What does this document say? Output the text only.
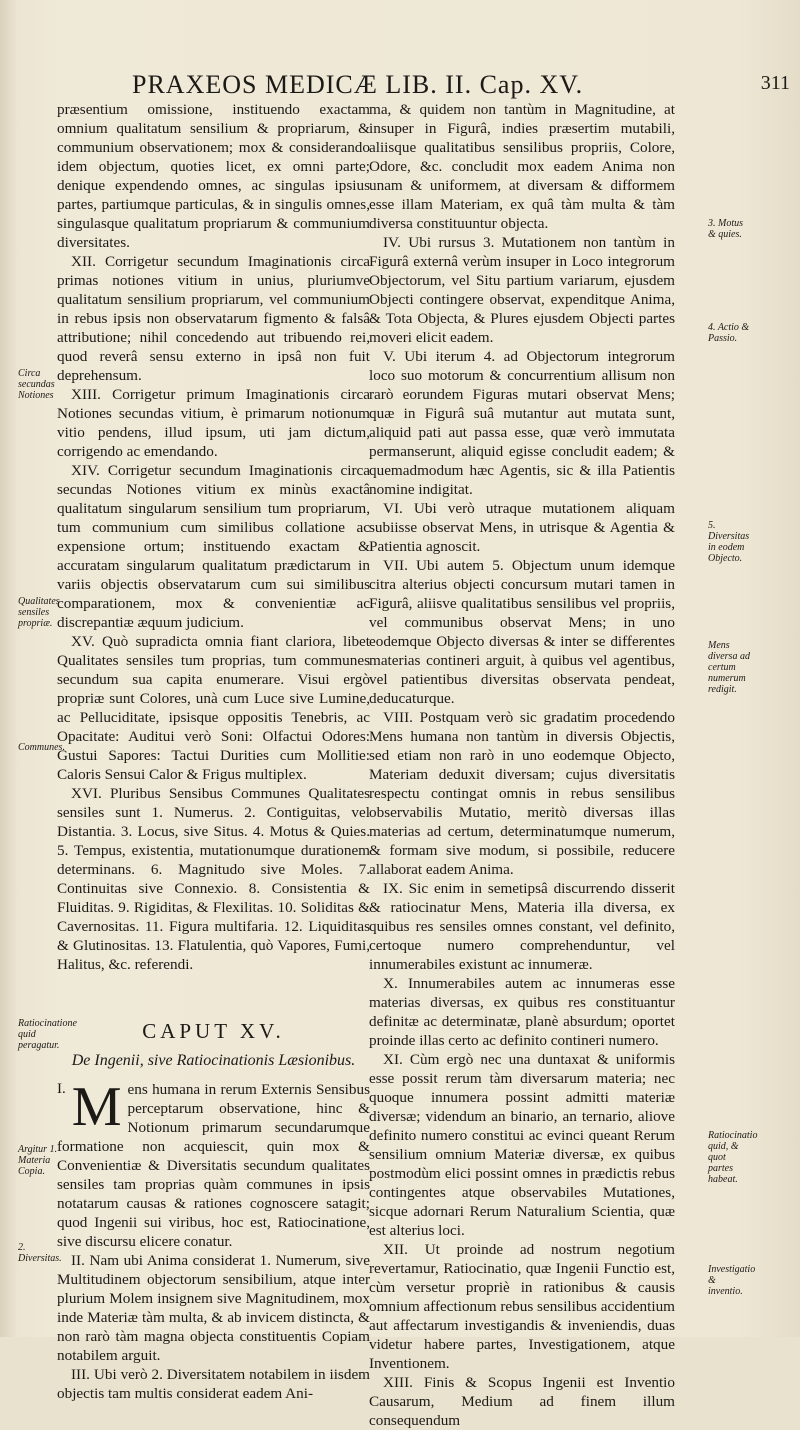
PRAXEOS MEDICÆ LIB. II. Cap. XV.	311
Circa secundas Notiones
Qualitates sensiles propriæ.
Communes.
Ratiocinatione quid peragatur.
Argitur 1. Materia Copia.
2. Diversitas.
3. Motus & quies.
4. Actio & Passio.
5. Diversitas in eodem Objecto.
Mens diversa ad certum numerum redigit.
Ratiocinatio quid, & quot partes habeat.
Investigatio & inventio.

præsentium omissione, instituendo exactam omnium qualitatum sensilium & propriarum, & communium observationem; mox & considerando idem objectum, quoties licet, ex omni parte; denique expendendo omnes, ac singulas ipsius partes, partiumque particulas, & in singulis omnes, singulasque qualitatum propriarum & communium diversitates.

XII. Corrigetur secundum Imaginationis circa primas notiones vitium in unius, pluriumve qualitatum sensilium propriarum, vel communium in rebus ipsis non observatarum figmento & falsâ attributione; nihil concedendo aut tribuendo rei, quod reverâ sensu externo in ipsâ non fuit deprehensum.

XIII. Corrigetur primum Imaginationis circa Notiones secundas vitium, è primarum notionum vitio pendens, illud ipsum, uti jam dictum, corrigendo ac emendando.

XIV. Corrigetur secundum Imaginationis circa secundas Notiones vitium ex minùs exactâ qualitatum singularum sensilium tum propriarum, tum communium cum similibus collatione ac expensione ortum; instituendo exactam & accuratam singularum qualitatum prædictarum in variis objectis observatarum cum sui similibus comparationem, mox & convenientiæ ac discrepantiæ æquum judicium.

XV. Quò supradicta omnia fiant clariora, libet Qualitates sensiles tum proprias, tum communes secundum sua capita enumerare. Visui ergò propriæ sunt Colores, unà cum Luce sive Lumine, ac Pelluciditate, ipsisque oppositis Tenebris, ac Opacitate: Auditui verò Soni: Olfactui Odores: Gustui Sapores: Tactui Durities cum Mollitie: Caloris Sensui Calor & Frigus multiplex.

XVI. Pluribus Sensibus Communes Qualitates sensiles sunt 1. Numerus. 2. Contiguitas, vel Distantia. 3. Locus, sive Situs. 4. Motus & Quies. 5. Tempus, existentia, mutationumque durationem determinans. 6. Magnitudo sive Moles. 7. Continuitas sive Connexio. 8. Consistentia & Fluiditas. 9. Rigiditas, & Flexilitas. 10. Soliditas & Cavernositas. 11. Figura multifaria. 12. Liquiditas & Glutinositas. 13. Flatulentia, quò Vapores, Fumi, Halitus, &c. referendi.

CAPUT XV.

De Ingenii, sive Ratiocinationis Læsionibus.

I. M ens humana in rerum Externis Sensibus perceptarum observatione, hinc & Notionum primarum secundarumque formatione non acquiescit, quin mox & Convenientiæ & Diversitatis secundum qualitates sensiles tam proprias quàm communes in ipsis notatarum causas & rationes cognoscere satagit; quod Ingenii sui viribus, hoc est, Ratiocinatione, sive discursu elicere conatur.

II. Nam ubi Anima considerat 1. Numerum, sive Multitudinem objectorum sensibilium, atque inter plurium Molem insignem sive Magnitudinem, mox inde Materiæ tàm multa, & ab invicem distincta, & non rarò tàm magna objecta constituentis Copiam notabilem arguit.

III. Ubi verò 2. Diversitatem notabilem in iisdem objectis tam multis considerat eadem Ani-

ma, & quidem non tantùm in Magnitudine, at insuper in Figurâ, indies præsertim mutabili, aliisque qualitatibus sensilibus propriis, Colore, Odore, &c. concludit mox eadem Anima non unam & uniformem, at diversam & difformem esse illam Materiam, ex quâ tàm multa & tàm diversa constituuntur objecta.

IV. Ubi rursus 3. Mutationem non tantùm in Figurâ externâ verùm insuper in Loco integrorum Objectorum, vel Situ partium variarum, ejusdem Objecti contingere observat, expenditque Anima, & Tota Objecta, & Plures ejusdem Objecti partes moveri elicit eadem.

V. Ubi iterum 4. ad Objectorum integrorum loco suo motorum & concurrentium allisum non rarò eorundem Figuras mutari observat Mens; quæ in Figurâ suâ mutantur aut mutata sunt, aliquid pati aut passa esse, quæ verò immutata permanserunt, aliquid egisse concludit eadem; & quemadmodum hæc Agentis, sic & illa Patientis nomine indigitat.

VI. Ubi verò utraque mutationem aliquam subiisse observat Mens, in utrisque & Agentia & Patientia agnoscit.

VII. Ubi autem 5. Objectum unum idemque citra alterius objecti concursum mutari tamen in Figurâ, aliisve qualitatibus sensilibus vel propriis, vel communibus observat Mens; in uno eodemque Objecto diversas & inter se differentes materias contineri arguit, à quibus vel agentibus, vel patientibus diversitas observata pendeat, deducaturque.

VIII. Postquam verò sic gradatim procedendo Mens humana non tantùm in diversis Objectis, sed etiam non rarò in uno eodemque Objecto, Materiam deduxit diversam; cujus diversitatis respectu contingat omnis in rebus sensilibus observabilis Mutatio, meritò diversas illas materias ad certum, determinatumque numerum, & formam sive modum, si possibile, reducere allaborat eadem Anima.

IX. Sic enim in semetipsâ discurrendo disserit & ratiocinatur Mens, Materia illa diversa, ex quibus res sensiles omnes constant, vel definito, certoque numero comprehenduntur, vel innumerabiles existunt ac innumeræ.

X. Innumerabiles autem ac innumeras esse materias diversas, ex quibus res constituantur definitæ ac determinatæ, planè absurdum; oportet proinde illas certo ac definito contineri numero.

XI. Cùm ergò nec una duntaxat & uniformis esse possit rerum tàm diversarum materia; nec quoque innumera possint admitti materiæ diversæ; videndum an binario, an ternario, aliove definito numero constitui ac evinci queant Rerum sensilium omnium Materiæ diversæ, ex quibus postmodùm elici possint omnes in prædictis rebus contingentes atque observabiles Mutationes, sicque adornari Rerum Naturalium Scientia, quæ est alterius loci.

XII. Ut proinde ad nostrum negotium revertamur, Ratiocinatio, quæ Ingenii Functio est, cùm versetur propriè in rationibus & causis omnium affectionum rebus sensilibus accidentium aut affectarum investigandis & inveniendis, duas videtur habere partes, Investigationem, atque Inventionem.

XIII. Finis & Scopus Ingenii est Inventio Causarum, Medium ad finem illum consequendum
